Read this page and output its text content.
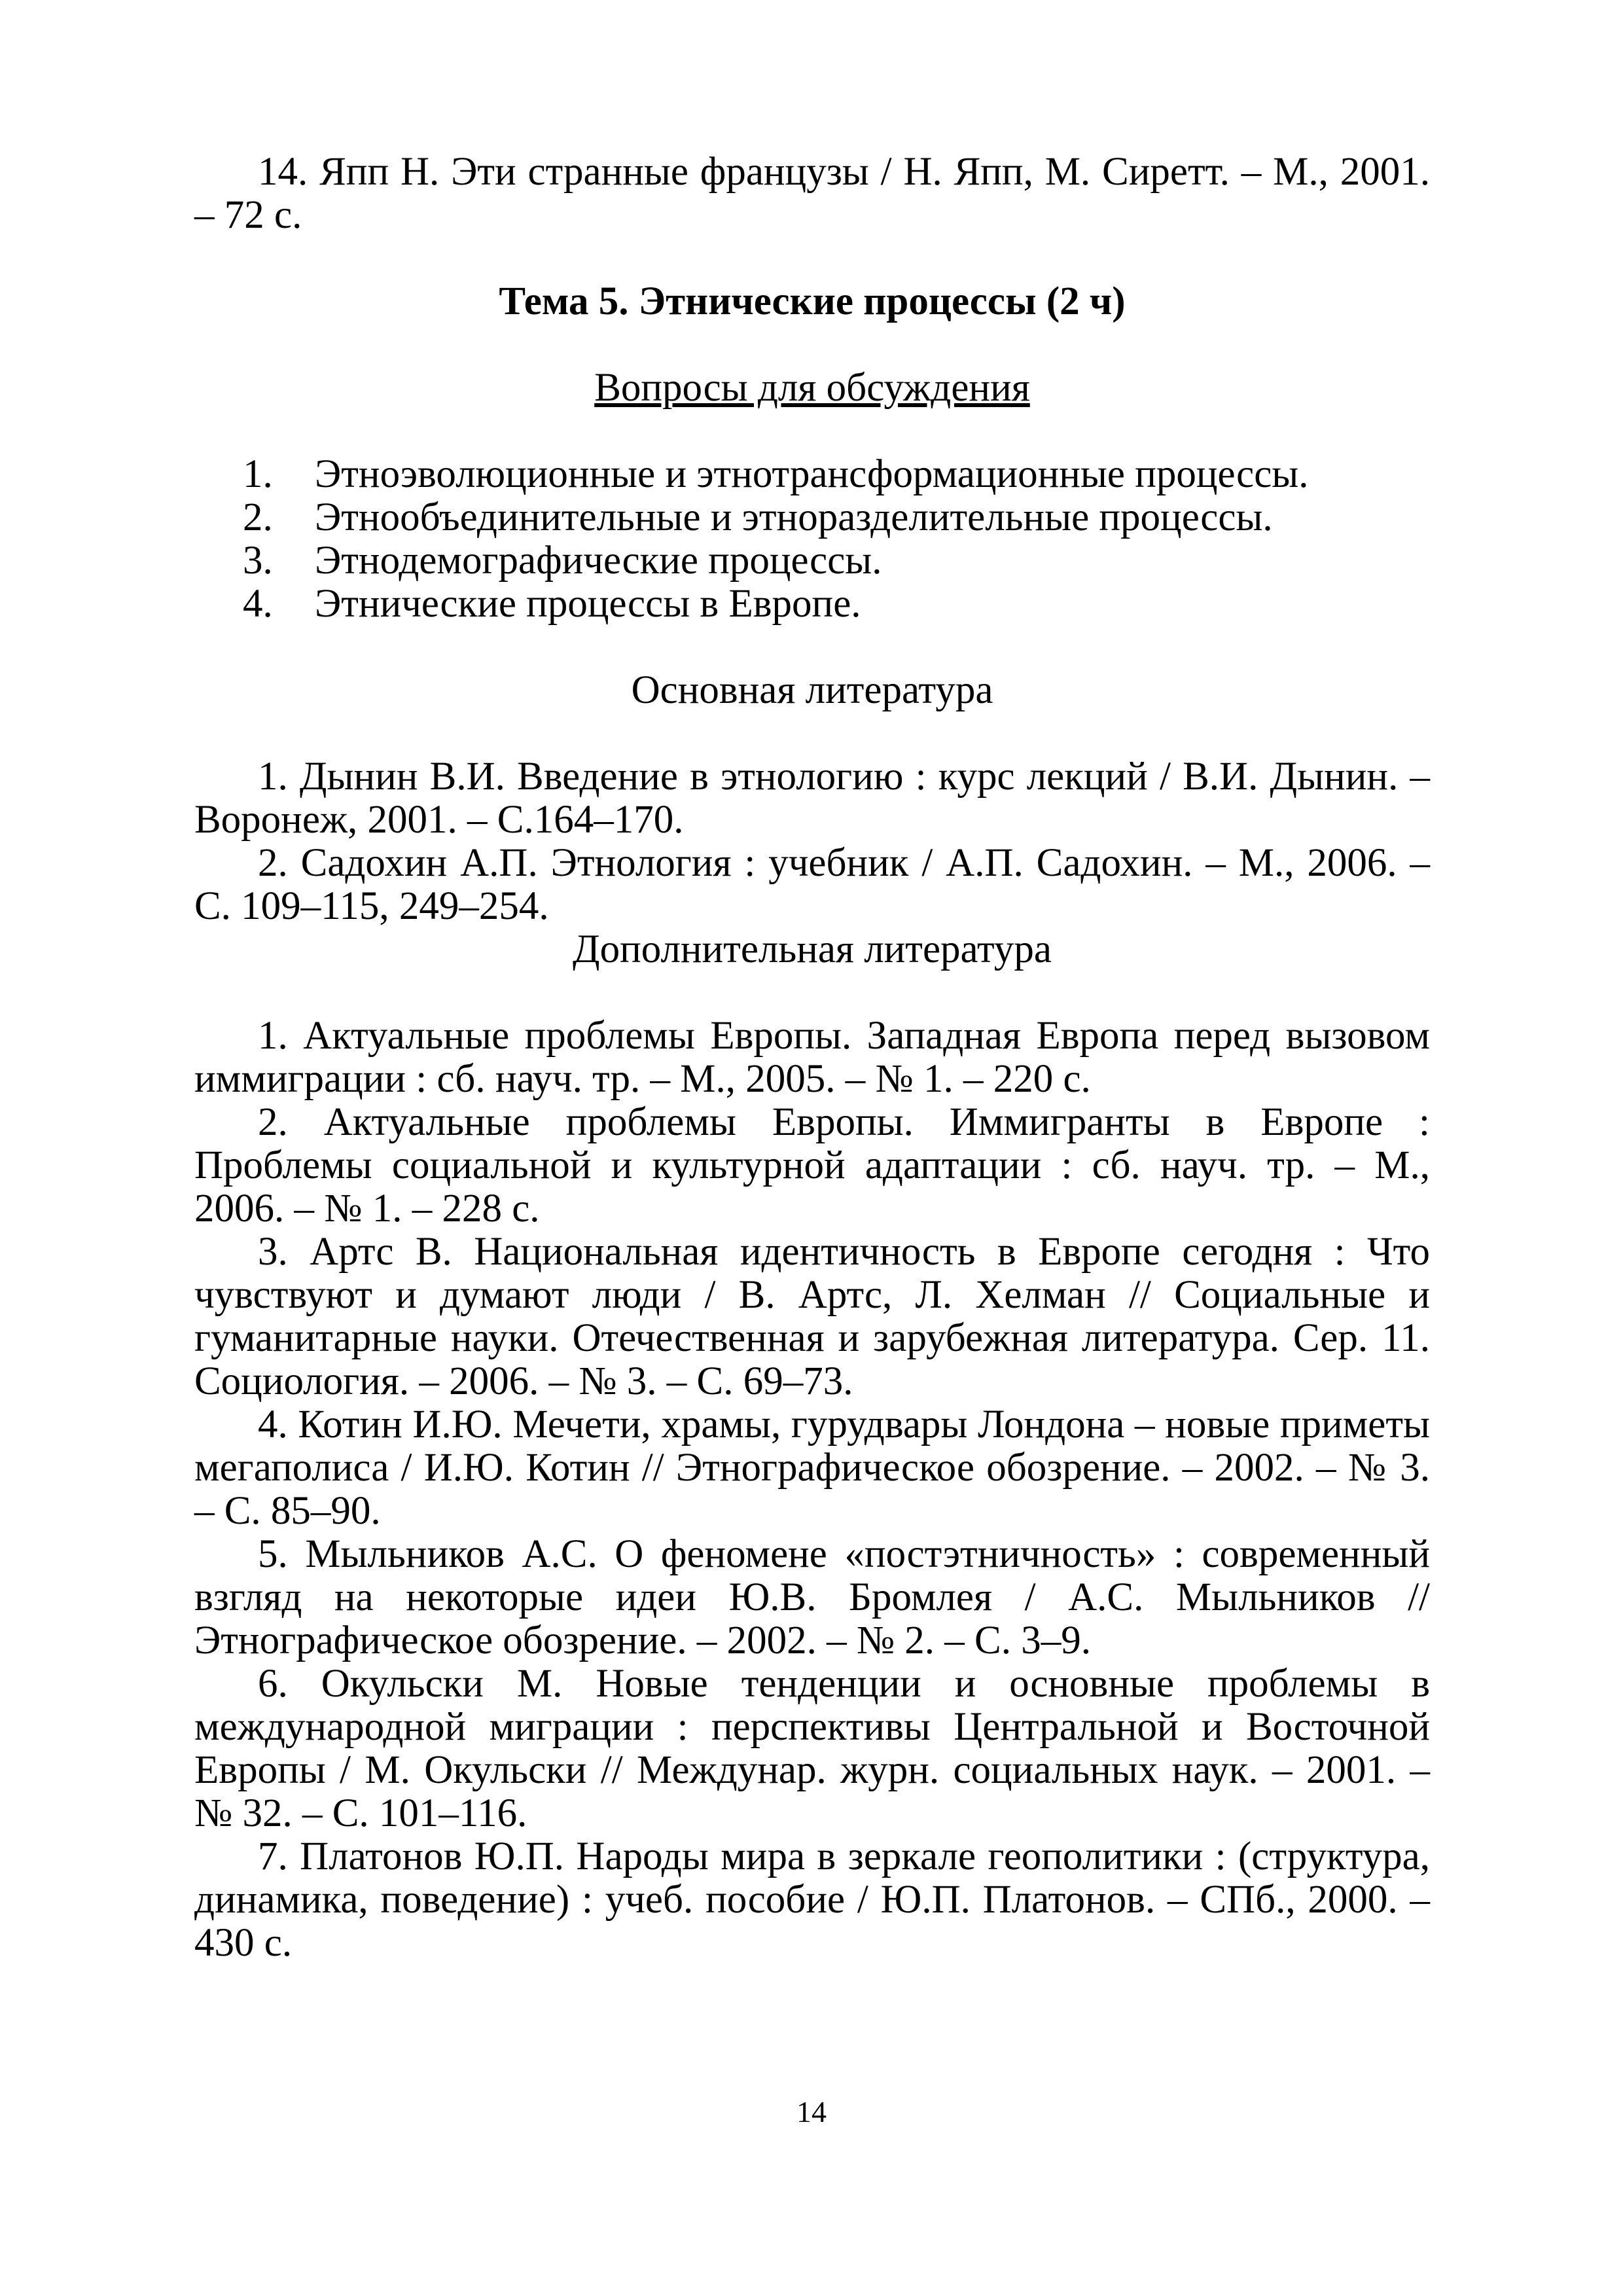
14. Япп Н. Эти странные французы / Н. Япп, М. Сиретт. – М., 2001. – 72 с.

Тема 5. Этнические процессы (2 ч)

Вопросы для обсуждения

1.	Этноэволюционные и этнотрансформационные процессы.
2.	Этнообъединительные и этноразделительные процессы.
3.	Этнодемографические процессы.
4.	Этнические процессы в Европе.

Основная литература

1. Дынин В.И. Введение в этнологию : курс лекций / В.И. Дынин. – Воронеж, 2001. – С.164–170.

2. Садохин А.П. Этнология : учебник / А.П. Садохин. – М., 2006. – С. 109–115, 249–254.

Дополнительная литература

1. Актуальные проблемы Европы. Западная Европа перед вызовом иммиграции : сб. науч. тр. – М., 2005. – № 1. – 220 с.

2. Актуальные проблемы Европы. Иммигранты в Европе : Проблемы социальной и культурной адаптации : сб. науч. тр. – М., 2006. – № 1. – 228 с.

3. Артс В. Национальная идентичность в Европе сегодня : Что чувствуют и думают люди / В. Артс, Л. Хелман // Социальные и гуманитарные науки. Отечественная и зарубежная литература. Сер. 11. Социология. – 2006. – № 3. – С. 69–73.

4. Котин И.Ю. Мечети, храмы, гурудвары Лондона – новые приметы мегаполиса / И.Ю. Котин // Этнографическое обозрение. – 2002. – № 3. – С. 85–90.

5. Мыльников А.С. О феномене «постэтничность» : современный взгляд на некоторые идеи Ю.В. Бромлея / А.С. Мыльников // Этнографическое обозрение. – 2002. – № 2. – С. 3–9.

6. Окульски М. Новые тенденции и основные проблемы в международной миграции : перспективы Центральной и Восточной Европы / М. Окульски // Междунар. журн. социальных наук. – 2001. – № 32. – С. 101–116.

7. Платонов Ю.П. Народы мира в зеркале геополитики : (структура, динамика, поведение) : учеб. пособие / Ю.П. Платонов. – СПб., 2000. – 430 с.

14
